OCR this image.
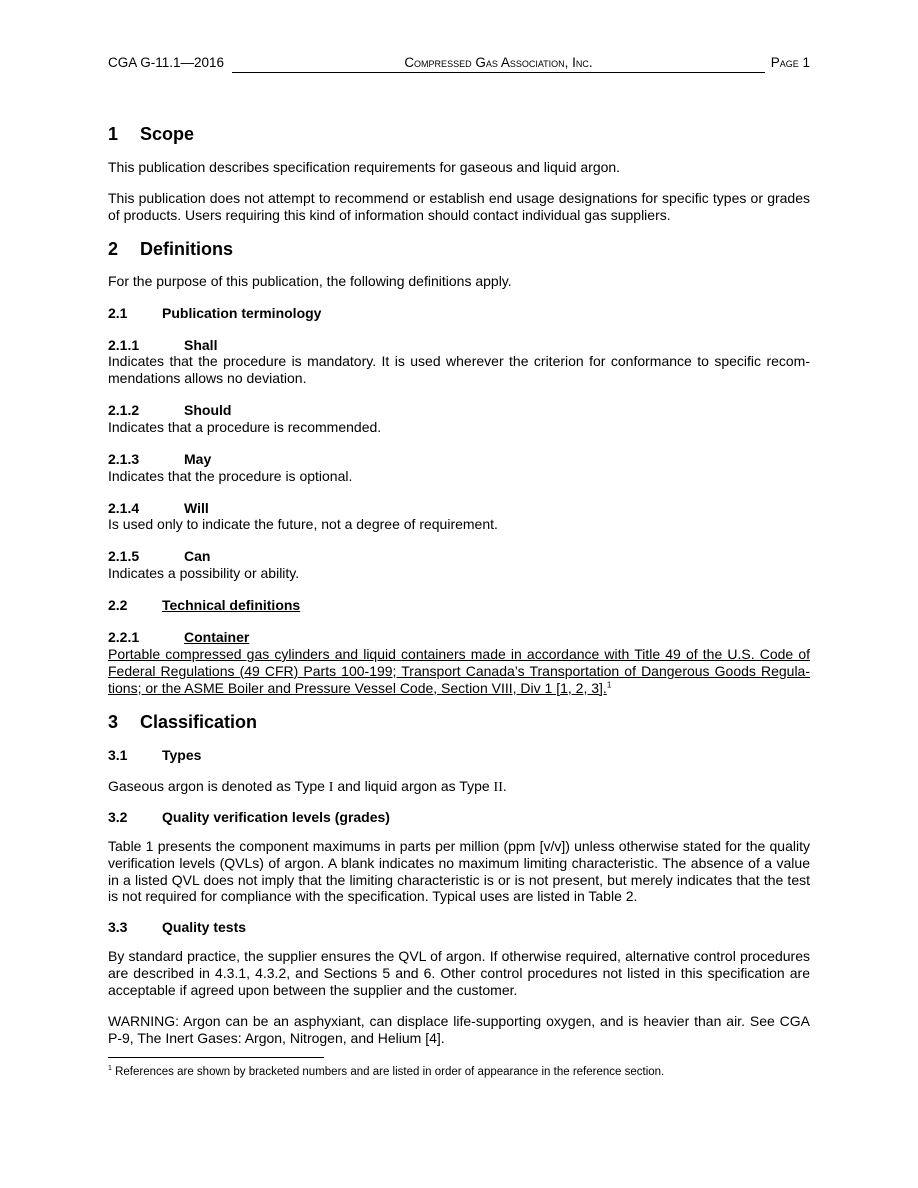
CGA G-11.1—2016	Compressed Gas Association, Inc.	Page 1
1 Scope
This publication describes specification requirements for gaseous and liquid argon.
This publication does not attempt to recommend or establish end usage designations for specific types or grades of products. Users requiring this kind of information should contact individual gas suppliers.
2 Definitions
For the purpose of this publication, the following definitions apply.
2.1 Publication terminology
2.1.1	Shall
Indicates that the procedure is mandatory. It is used wherever the criterion for conformance to specific recom-mendations allows no deviation.
2.1.2	Should
Indicates that a procedure is recommended.
2.1.3	May
Indicates that the procedure is optional.
2.1.4	Will
Is used only to indicate the future, not a degree of requirement.
2.1.5	Can
Indicates a possibility or ability.
2.2 Technical definitions
2.2.1	Container
Portable compressed gas cylinders and liquid containers made in accordance with Title 49 of the U.S. Code of Federal Regulations (49 CFR) Parts 100-199; Transport Canada’s Transportation of Dangerous Goods Regula-tions; or the ASME Boiler and Pressure Vessel Code, Section VIII, Div 1 [1, 2, 3].$^1$
3 Classification
3.1 Types
Gaseous argon is denoted as Type I and liquid argon as Type II.
3.2 Quality verification levels (grades)
Table 1 presents the component maximums in parts per million (ppm [v/v]) unless otherwise stated for the quality verification levels (QVLs) of argon. A blank indicates no maximum limiting characteristic. The absence of a value in a listed QVL does not imply that the limiting characteristic is or is not present, but merely indicates that the test is not required for compliance with the specification. Typical uses are listed in Table 2.
3.3 Quality tests
By standard practice, the supplier ensures the QVL of argon. If otherwise required, alternative control procedures are described in 4.3.1, 4.3.2, and Sections 5 and 6. Other control procedures not listed in this specification are acceptable if agreed upon between the supplier and the customer.
WARNING: Argon can be an asphyxiant, can displace life-supporting oxygen, and is heavier than air. See CGA P-9, The Inert Gases: Argon, Nitrogen, and Helium [4].
$^1$ References are shown by bracketed numbers and are listed in order of appearance in the reference section.
